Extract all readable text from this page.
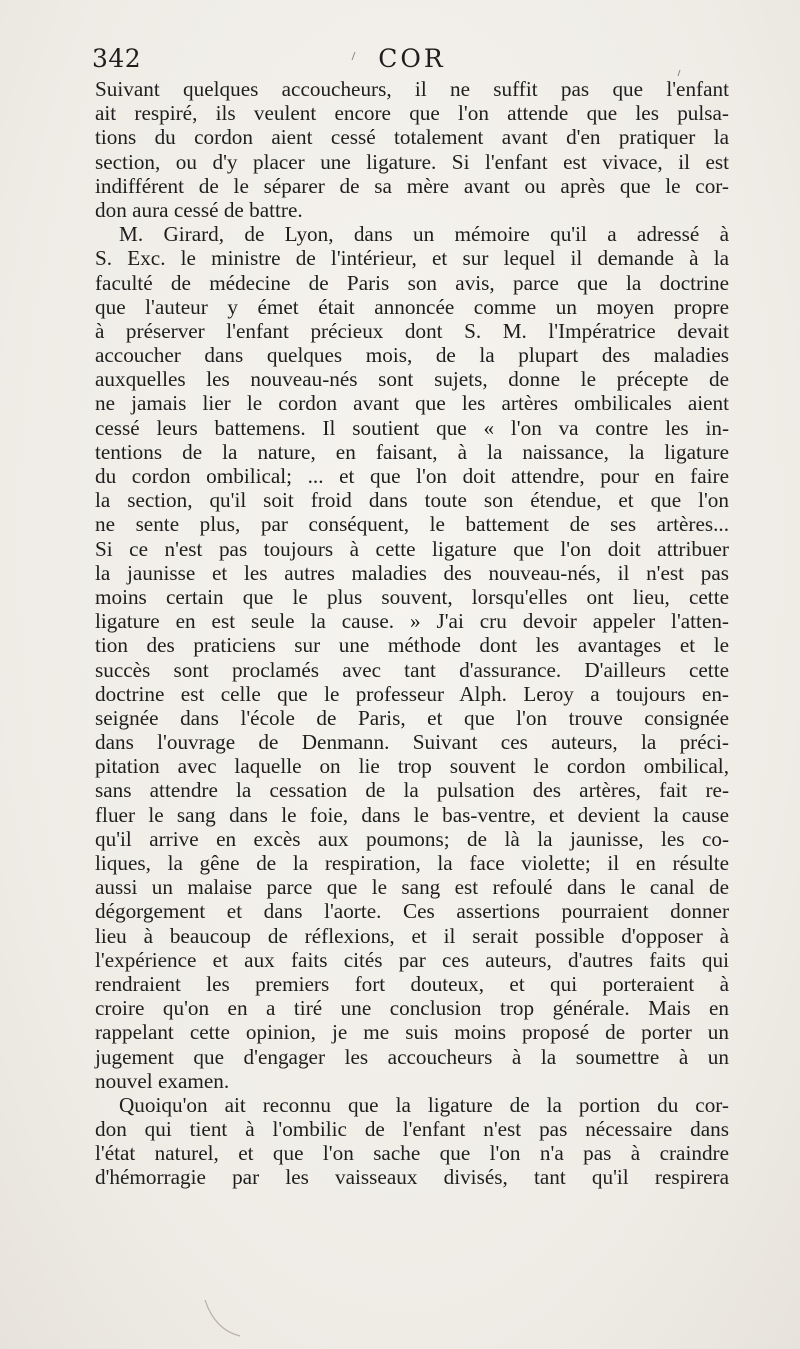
342	COR
Suivant quelques accoucheurs, il ne suffit pas que l'enfant
ait respiré, ils veulent encore que l'on attende que les pulsa-
tions du cordon aient cessé totalement avant d'en pratiquer la
section, ou d'y placer une ligature. Si l'enfant est vivace, il est
indifférent de le séparer de sa mère avant ou après que le cor-
don aura cessé de battre.
M. Girard, de Lyon, dans un mémoire qu'il a adressé à
S. Exc. le ministre de l'intérieur, et sur lequel il demande à la
faculté de médecine de Paris son avis, parce que la doctrine
que l'auteur y émet était annoncée comme un moyen propre
à préserver l'enfant précieux dont S. M. l'Impératrice devait
accoucher dans quelques mois, de la plupart des maladies
auxquelles les nouveau-nés sont sujets, donne le précepte de
ne jamais lier le cordon avant que les artères ombilicales aient
cessé leurs battemens. Il soutient que « l'on va contre les in-
tentions de la nature, en faisant, à la naissance, la ligature
du cordon ombilical; ... et que l'on doit attendre, pour en faire
la section, qu'il soit froid dans toute son étendue, et que l'on
ne sente plus, par conséquent, le battement de ses artères...
Si ce n'est pas toujours à cette ligature que l'on doit attribuer
la jaunisse et les autres maladies des nouveau-nés, il n'est pas
moins certain que le plus souvent, lorsqu'elles ont lieu, cette
ligature en est seule la cause. » J'ai cru devoir appeler l'atten-
tion des praticiens sur une méthode dont les avantages et le
succès sont proclamés avec tant d'assurance. D'ailleurs cette
doctrine est celle que le professeur Alph. Leroy a toujours en-
seignée dans l'école de Paris, et que l'on trouve consignée
dans l'ouvrage de Denmann. Suivant ces auteurs, la préci-
pitation avec laquelle on lie trop souvent le cordon ombilical,
sans attendre la cessation de la pulsation des artères, fait re-
fluer le sang dans le foie, dans le bas-ventre, et devient la cause
qu'il arrive en excès aux poumons; de là la jaunisse, les co-
liques, la gêne de la respiration, la face violette; il en résulte
aussi un malaise parce que le sang est refoulé dans le canal de
dégorgement et dans l'aorte. Ces assertions pourraient donner
lieu à beaucoup de réflexions, et il serait possible d'opposer à
l'expérience et aux faits cités par ces auteurs, d'autres faits qui
rendraient les premiers fort douteux, et qui porteraient à
croire qu'on en a tiré une conclusion trop générale. Mais en
rappelant cette opinion, je me suis moins proposé de porter un
jugement que d'engager les accoucheurs à la soumettre à un
nouvel examen.
Quoiqu'on ait reconnu que la ligature de la portion du cor-
don qui tient à l'ombilic de l'enfant n'est pas nécessaire dans
l'état naturel, et que l'on sache que l'on n'a pas à craindre
d'hémorragie par les vaisseaux divisés, tant qu'il respirera
